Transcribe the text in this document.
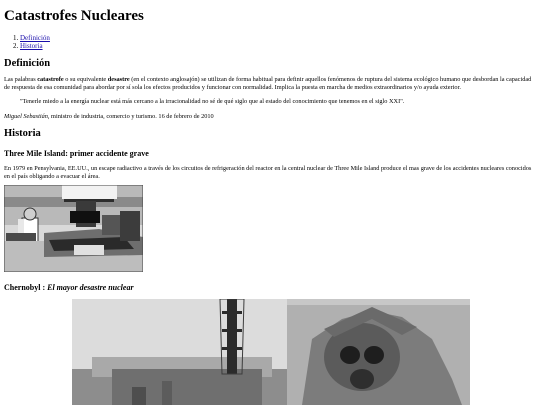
Catastrofes Nucleares
1. Definición
2. Historia
Definición

Las palabras catastrofe o su equivalente desastre (en el contexto anglosajón) se utilizan de forma habitual para definir aquellos fenómenos de ruptura del sistema ecológico humano que desbordan la capacidad de respuesta de esa comunidad para abordar por sí sola los efectos producidos y funcionar con normalidad. Implica la puesta en marcha de medios extraordinarios y/o ayuda exterior.

"Tenerle miedo a la energía nuclear está más cercano a la irracionalidad no sé de qué siglo que al estado del conocimiento que tenemos en el siglo XXI".

Miguel Sebastián, ministro de industria, comercio y turismo. 16 de febrero de 2010

Historia
Three Mile Island: primer accidente grave

En 1979 en Pensylvania, EE.UU., un escape radiactivo a través de los circuitos de refrigeración del reactor en la central nuclear de Three Mile Island produce el mas grave de los accidentes nucleares conocidos en el país obligando a evacuar el área.

Chernobyl : El mayor desastre nuclear
